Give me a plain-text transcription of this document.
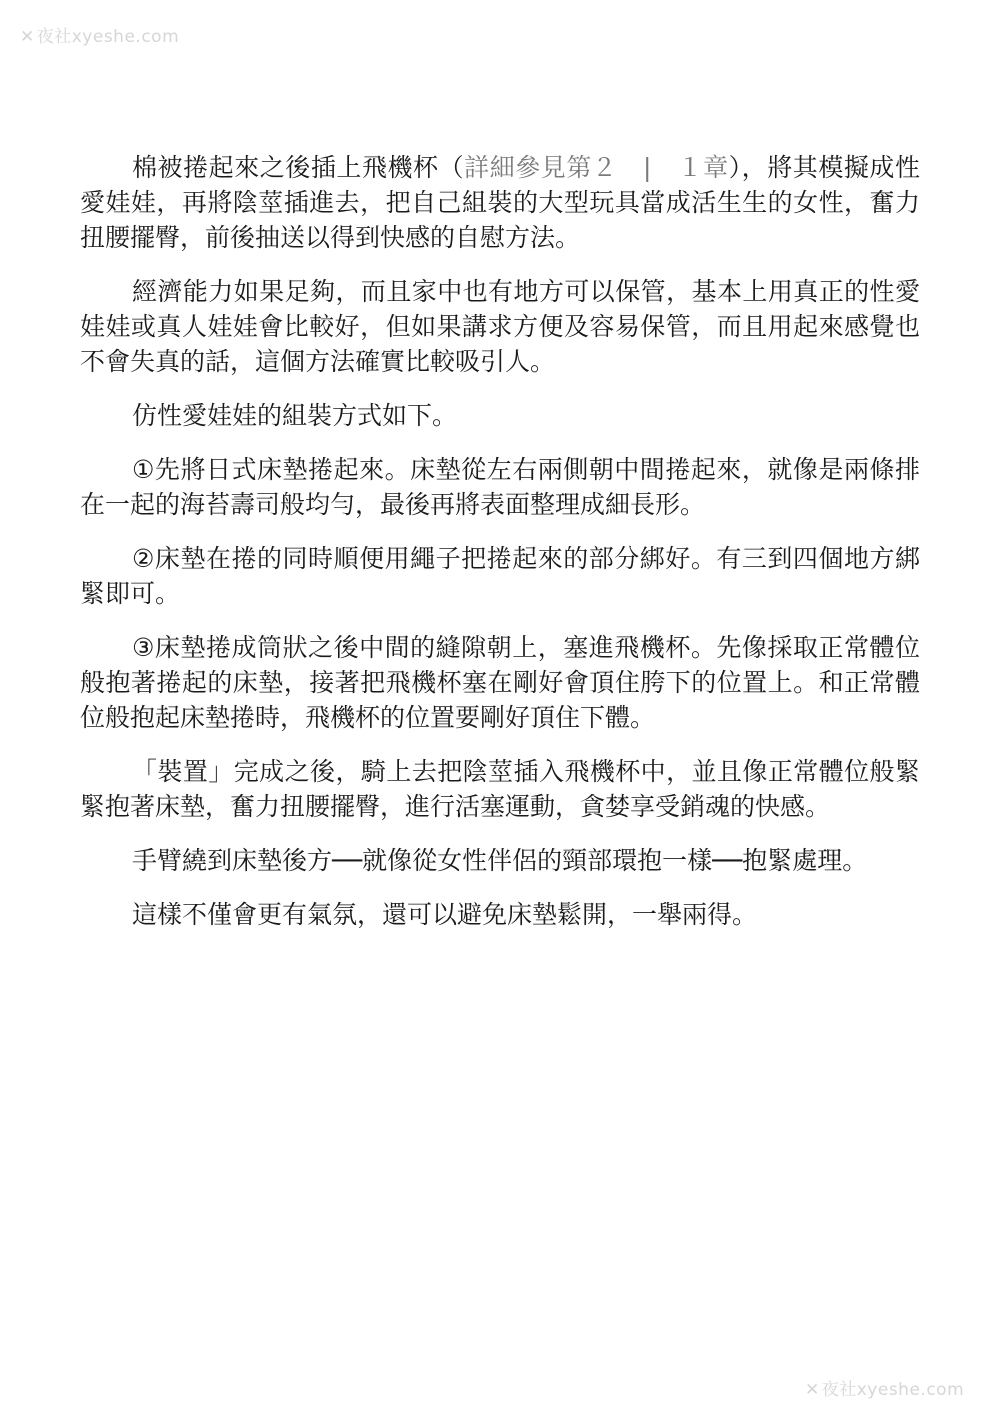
✕ 夜社xyeshe.com

棉被捲起來之後插上飛機杯（詳細參見第２　|　１章），將其模擬成性愛娃娃，再將陰莖插進去，把自己組裝的大型玩具當成活生生的女性，奮力扭腰擺臀，前後抽送以得到快感的自慰方法。

經濟能力如果足夠，而且家中也有地方可以保管，基本上用真正的性愛娃娃或真人娃娃會比較好，但如果講求方便及容易保管，而且用起來感覺也不會失真的話，這個方法確實比較吸引人。

仿性愛娃娃的組裝方式如下。

①先將日式床墊捲起來。床墊從左右兩側朝中間捲起來，就像是兩條排在一起的海苔壽司般均勻，最後再將表面整理成細長形。

②床墊在捲的同時順便用繩子把捲起來的部分綁好。有三到四個地方綁緊即可。

③床墊捲成筒狀之後中間的縫隙朝上，塞進飛機杯。先像採取正常體位般抱著捲起的床墊，接著把飛機杯塞在剛好會頂住胯下的位置上。和正常體位般抱起床墊捲時，飛機杯的位置要剛好頂住下體。

「裝置」完成之後，騎上去把陰莖插入飛機杯中，並且像正常體位般緊緊抱著床墊，奮力扭腰擺臀，進行活塞運動，貪婪享受銷魂的快感。

手臂繞到床墊後方──就像從女性伴侶的頸部環抱一樣──抱緊處理。

這樣不僅會更有氣氛，還可以避免床墊鬆開，一舉兩得。

✕ 夜社xyeshe.com
